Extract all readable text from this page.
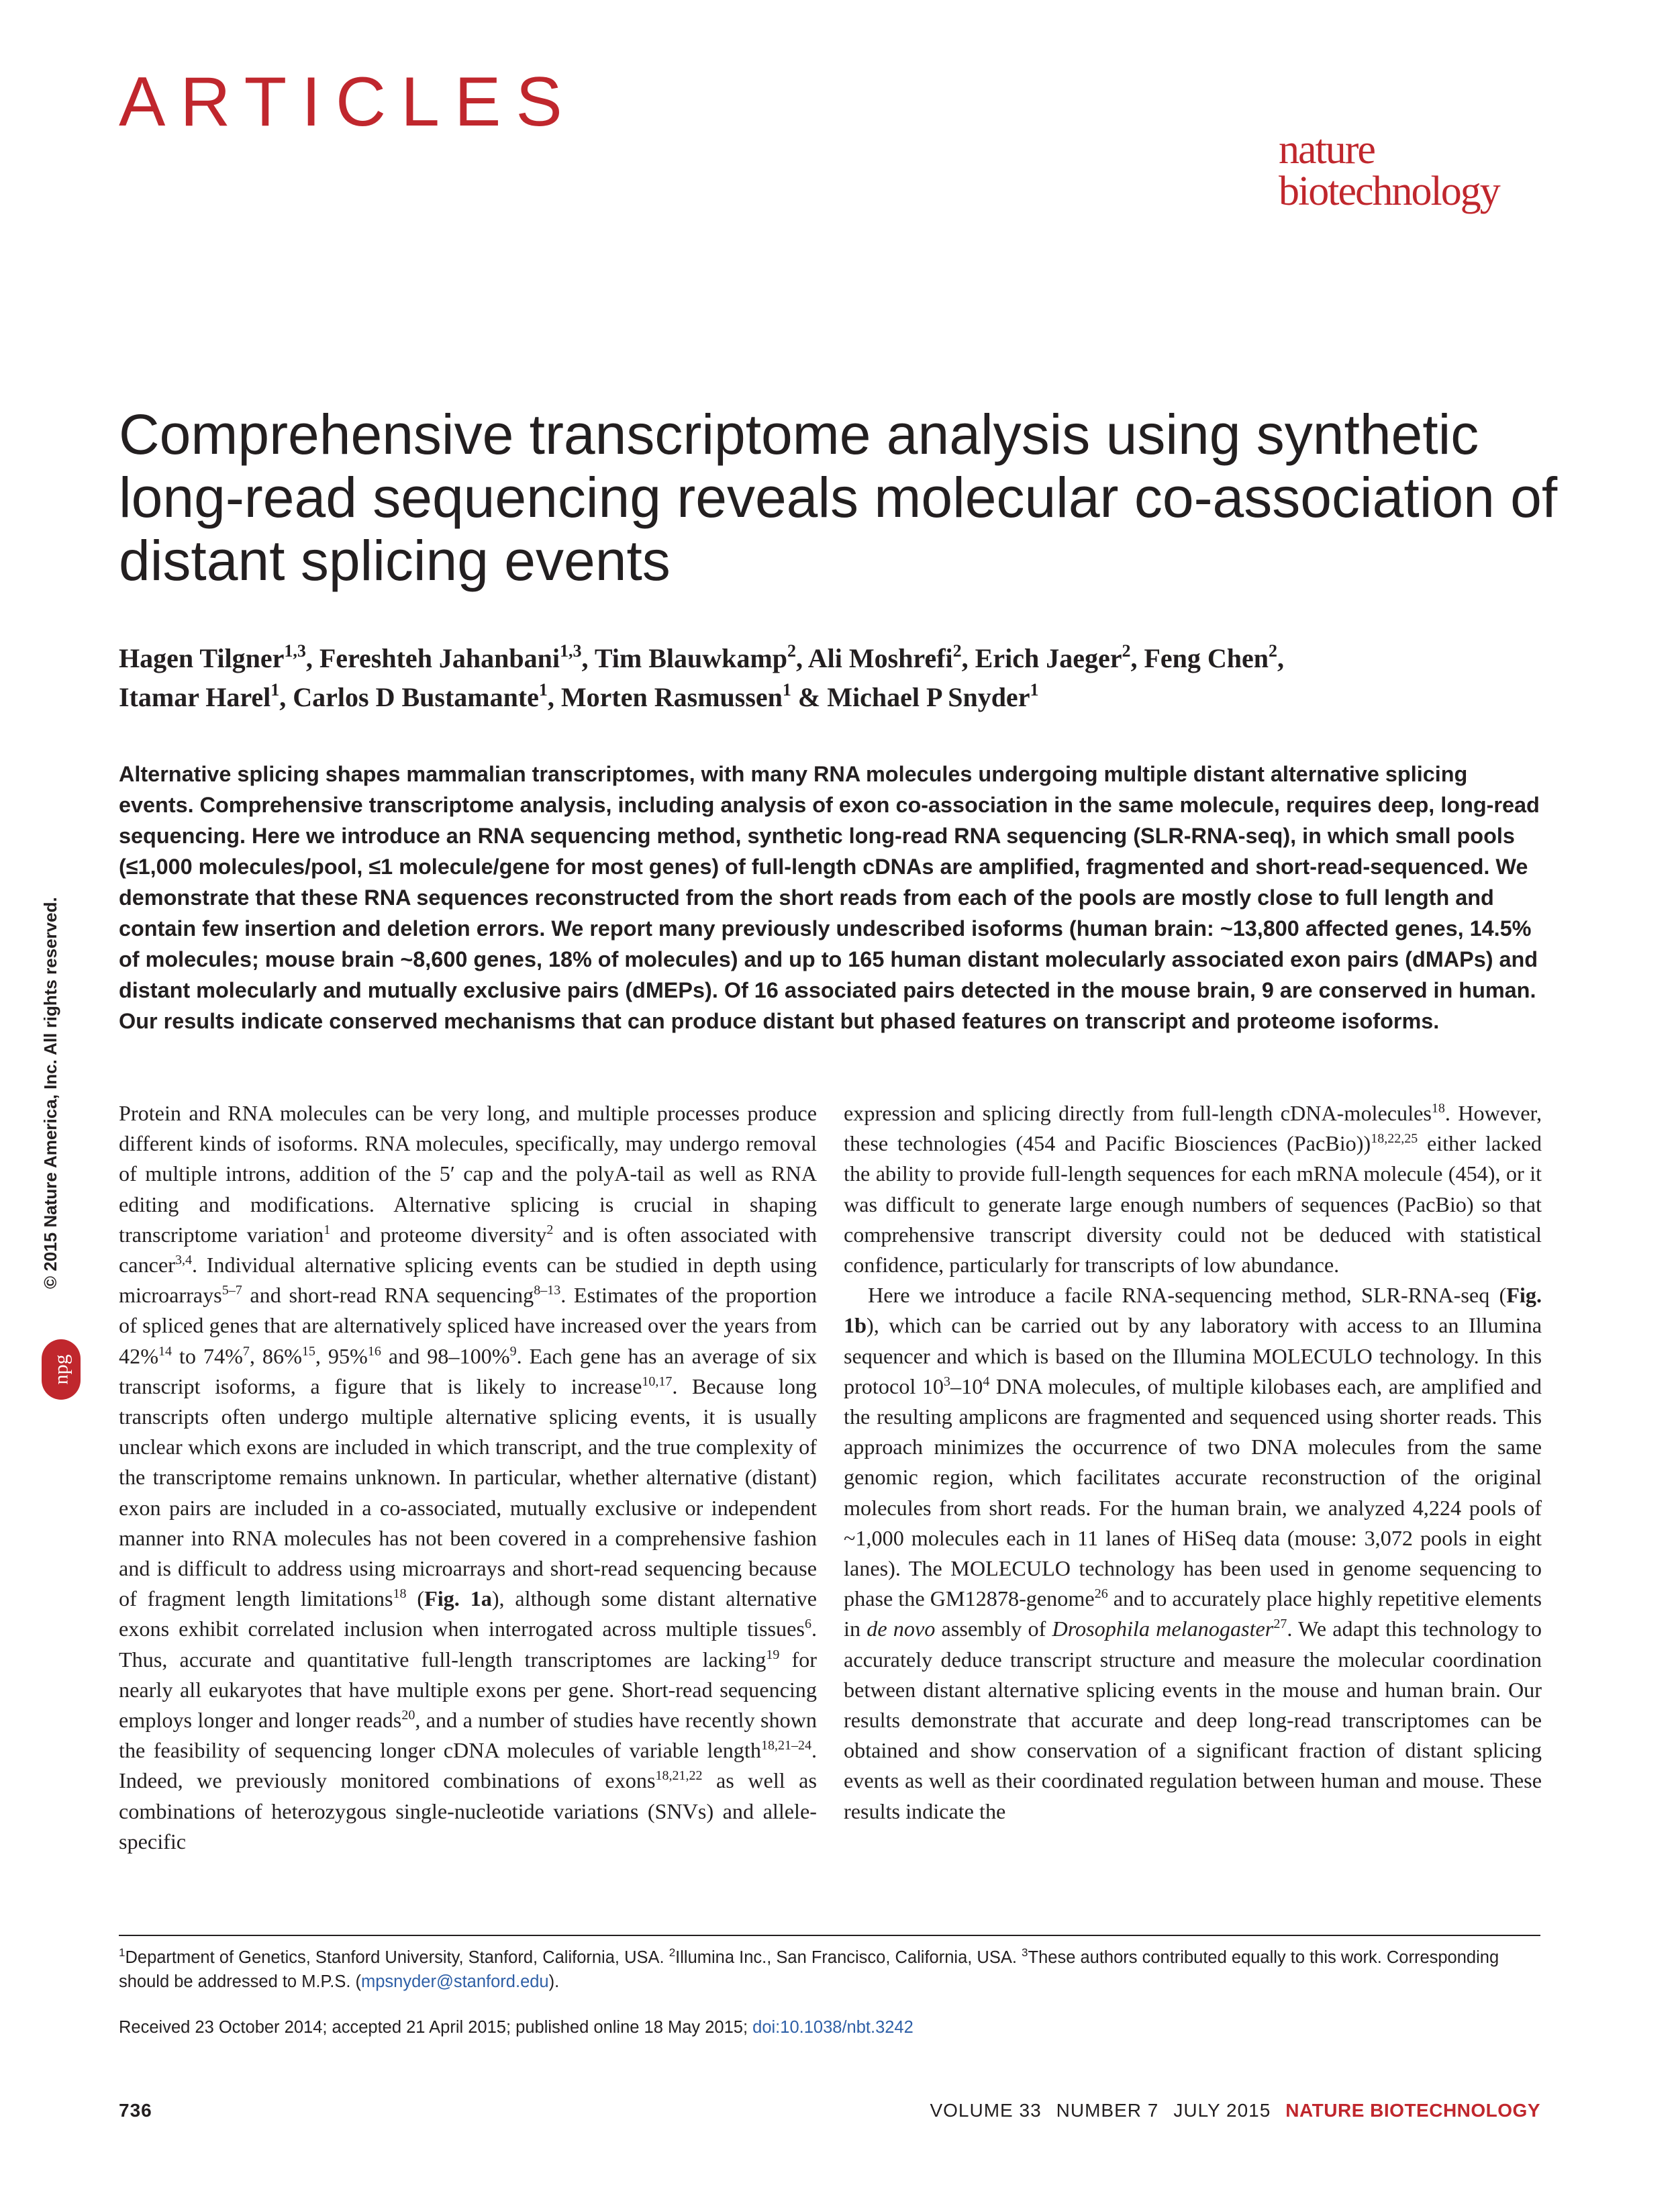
ARTICLES
nature
biotechnology
Comprehensive transcriptome analysis using synthetic long-read sequencing reveals molecular co-association of distant splicing events
Hagen Tilgner$^{1,3}$, Fereshteh Jahanbani$^{1,3}$, Tim Blauwkamp$^2$, Ali Moshrefi$^2$, Erich Jaeger$^2$, Feng Chen$^2$,
Itamar Harel$^1$, Carlos D Bustamante$^1$, Morten Rasmussen$^1$ & Michael P Snyder$^1$

Alternative splicing shapes mammalian transcriptomes, with many RNA molecules undergoing multiple distant alternative splicing events. Comprehensive transcriptome analysis, including analysis of exon co-association in the same molecule, requires deep, long-read sequencing. Here we introduce an RNA sequencing method, synthetic long-read RNA sequencing (SLR-RNA-seq), in which small pools (≤1,000 molecules/pool, ≤1 molecule/gene for most genes) of full-length cDNAs are amplified, fragmented and short-read-sequenced. We demonstrate that these RNA sequences reconstructed from the short reads from each of the pools are mostly close to full length and contain few insertion and deletion errors. We report many previously undescribed isoforms (human brain: ~13,800 affected genes, 14.5% of molecules; mouse brain ~8,600 genes, 18% of molecules) and up to 165 human distant molecularly associated exon pairs (dMAPs) and distant molecularly and mutually exclusive pairs (dMEPs). Of 16 associated pairs detected in the mouse brain, 9 are conserved in human. Our results indicate conserved mechanisms that can produce distant but phased features on transcript and proteome isoforms.

© 2015 Nature America, Inc. All rights reserved.
npg

Protein and RNA molecules can be very long, and multiple processes produce different kinds of isoforms. RNA molecules, specifically, may undergo removal of multiple introns, addition of the 5′ cap and the polyA-tail as well as RNA editing and modifications. Alternative splicing is crucial in shaping transcriptome variation$^1$ and proteome diversity$^2$ and is often associated with cancer$^{3,4}$. Individual alternative splicing events can be studied in depth using microarrays$^{5-7}$ and short-read RNA sequencing$^{8-13}$. Estimates of the proportion of spliced genes that are alternatively spliced have increased over the years from 42%$^{14}$ to 74%$^7$, 86%$^{15}$, 95%$^{16}$ and 98–100%$^9$. Each gene has an average of six transcript isoforms, a figure that is likely to increase$^{10,17}$. Because long transcripts often undergo multiple alternative splicing events, it is usually unclear which exons are included in which transcript, and the true complexity of the transcriptome remains unknown. In particular, whether alternative (distant) exon pairs are included in a co-associated, mutually exclusive or independent manner into RNA molecules has not been covered in a comprehensive fashion and is difficult to address using microarrays and short-read sequencing because of fragment length limitations$^{18}$ (Fig. 1a), although some distant alternative exons exhibit correlated inclusion when interrogated across multiple tissues$^6$. Thus, accurate and quantitative full-length transcriptomes are lacking$^{19}$ for nearly all eukaryotes that have multiple exons per gene. Short-read sequencing employs longer and longer reads$^{20}$, and a number of studies have recently shown the feasibility of sequencing longer cDNA molecules of variable length$^{18,21-24}$. Indeed, we previously monitored combinations of exons$^{18,21,22}$ as well as combinations of heterozygous single-nucleotide variations (SNVs) and allele-specific

expression and splicing directly from full-length cDNA-molecules$^{18}$. However, these technologies (454 and Pacific Biosciences (PacBio))$^{18,22,25}$ either lacked the ability to provide full-length sequences for each mRNA molecule (454), or it was difficult to generate large enough numbers of sequences (PacBio) so that comprehensive transcript diversity could not be deduced with statistical confidence, particularly for transcripts of low abundance.

Here we introduce a facile RNA-sequencing method, SLR-RNA-seq (Fig. 1b), which can be carried out by any laboratory with access to an Illumina sequencer and which is based on the Illumina MOLECULO technology. In this protocol $10^3-10^4$ DNA molecules, of multiple kilobases each, are amplified and the resulting amplicons are fragmented and sequenced using shorter reads. This approach minimizes the occurrence of two DNA molecules from the same genomic region, which facilitates accurate reconstruction of the original molecules from short reads. For the human brain, we analyzed 4,224 pools of ~1,000 molecules each in 11 lanes of HiSeq data (mouse: 3,072 pools in eight lanes). The MOLECULO technology has been used in genome sequencing to phase the GM12878-genome$^{26}$ and to accurately place highly repetitive elements in de novo assembly of Drosophila melanogaster$^{27}$. We adapt this technology to accurately deduce transcript structure and measure the molecular coordination between distant alternative splicing events in the mouse and human brain. Our results demonstrate that accurate and deep long-read transcriptomes can be obtained and show conservation of a significant fraction of distant splicing events as well as their coordinated regulation between human and mouse. These results indicate the

$^1$Department of Genetics, Stanford University, Stanford, California, USA. $^2$Illumina Inc., San Francisco, California, USA. $^3$These authors contributed equally to this work. Corresponding should be addressed to M.P.S. (mpsnyder@stanford.edu).
Received 23 October 2014; accepted 21 April 2015; published online 18 May 2015; doi:10.1038/nbt.3242
736	VOLUME 33 NUMBER 7 JULY 2015 NATURE BIOTECHNOLOGY
